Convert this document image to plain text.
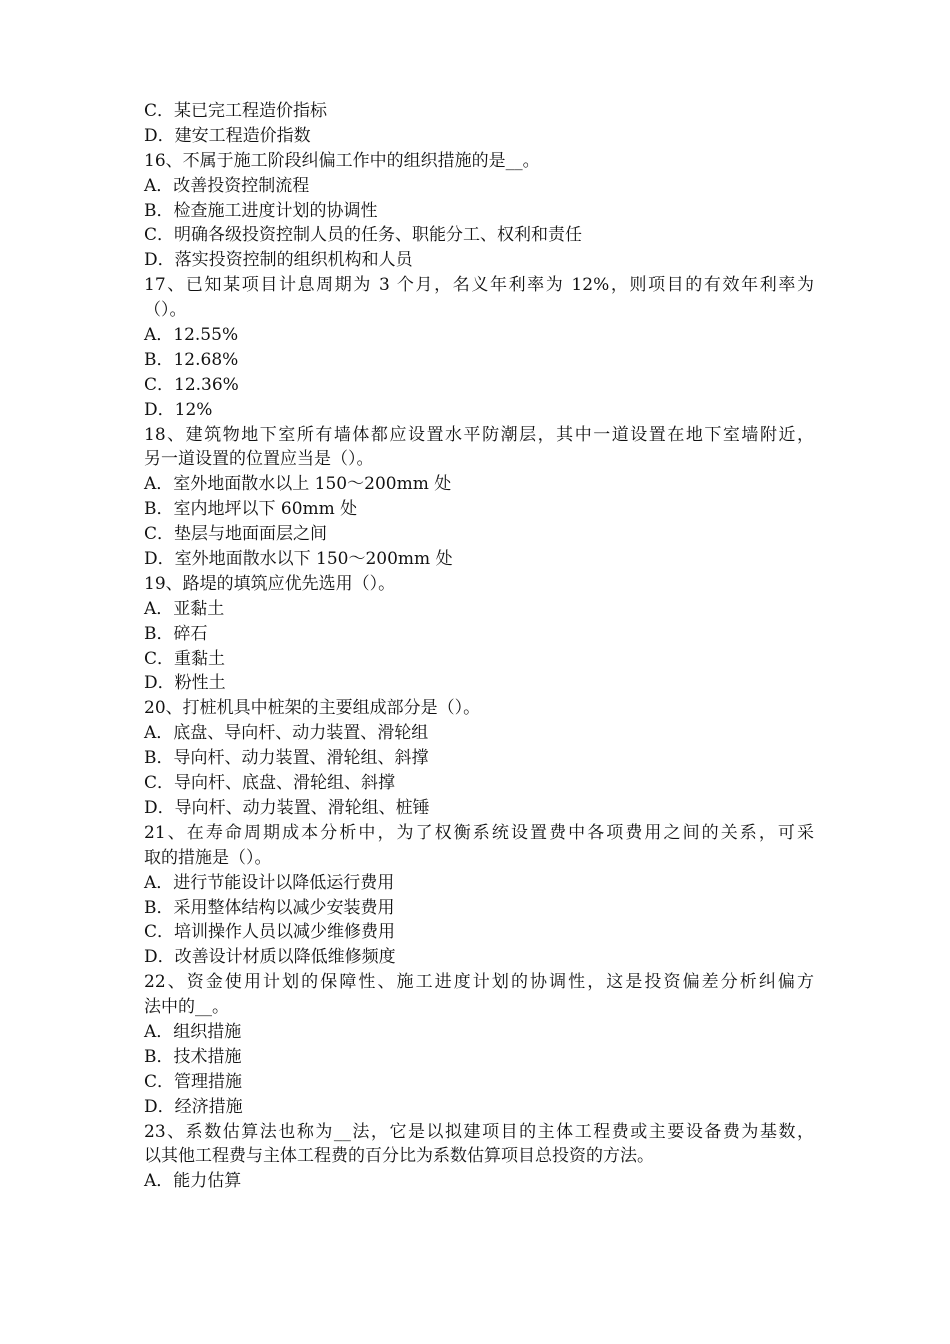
C．某已完工程造价指标
D．建安工程造价指数
16、不属于施工阶段纠偏工作中的组织措施的是__。
A．改善投资控制流程
B．检查施工进度计划的协调性
C．明确各级投资控制人员的任务、职能分工、权利和责任
D．落实投资控制的组织机构和人员
17、已知某项目计息周期为 3 个月，名义年利率为 12%，则项目的有效年利率为
（）。
A．12.55%
B．12.68%
C．12.36%
D．12%
18、建筑物地下室所有墙体都应设置水平防潮层，其中一道设置在地下室墙附近，
另一道设置的位置应当是（）。
A．室外地面散水以上 150～200mm 处
B．室内地坪以下 60mm 处
C．垫层与地面面层之间
D．室外地面散水以下 150～200mm 处
19、路堤的填筑应优先选用（）。
A．亚黏土
B．碎石
C．重黏土
D．粉性土
20、打桩机具中桩架的主要组成部分是（）。
A．底盘、导向杆、动力装置、滑轮组
B．导向杆、动力装置、滑轮组、斜撑
C．导向杆、底盘、滑轮组、斜撑
D．导向杆、动力装置、滑轮组、桩锤
21、在寿命周期成本分析中，为了权衡系统设置费中各项费用之间的关系，可采
取的措施是（）。
A．进行节能设计以降低运行费用
B．采用整体结构以减少安装费用
C．培训操作人员以减少维修费用
D．改善设计材质以降低维修频度
22、资金使用计划的保障性、施工进度计划的协调性，这是投资偏差分析纠偏方
法中的__。
A．组织措施
B．技术措施
C．管理措施
D．经济措施
23、系数估算法也称为__法，它是以拟建项目的主体工程费或主要设备费为基数，
以其他工程费与主体工程费的百分比为系数估算项目总投资的方法。
A．能力估算
